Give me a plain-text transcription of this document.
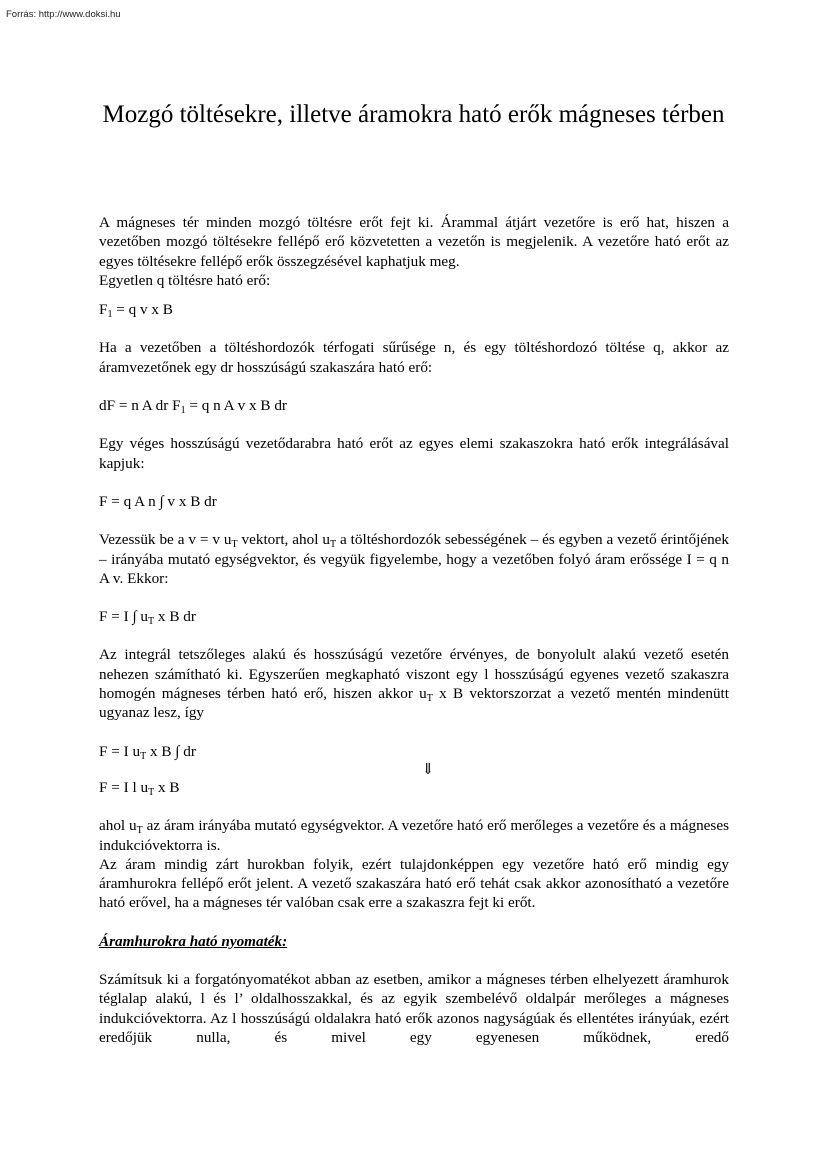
Forrás: http://www.doksi.hu
Mozgó töltésekre, illetve áramokra ható erők mágneses térben

A mágneses tér minden mozgó töltésre erőt fejt ki. Árammal átjárt vezetőre is erő hat, hiszen a vezetőben mozgó töltésekre fellépő erő közvetetten a vezetőn is megjelenik. A vezetőre ható erőt az egyes töltésekre fellépő erők összegzésével kaphatjuk meg.

Egyetlen q töltésre ható erő:

$F_1 = q$ v x B

Ha a vezetőben a töltéshordozók térfogati sűrűsége n, és egy töltéshordozó töltése q, akkor az áramvezetőnek egy dr hosszúságú szakaszára ható erő:

dF = n A dr $F_1 = q$ n A v x B dr

Egy véges hosszúságú vezetődarabra ható erőt az egyes elemi szakaszokra ható erők integrálásával kapjuk:

F = q A n ∫ v x B dr

Vezessük be a v = v $u_T$ vektort, ahol $u_T$ a töltéshordozók sebességének – és egyben a vezető érintőjének – irányába mutató egységvektor, és vegyük figyelembe, hogy a vezetőben folyó áram erőssége I = q n A v. Ekkor:

F = I ∫ $u_T$ x B dr

Az integrál tetszőleges alakú és hosszúságú vezetőre érvényes, de bonyolult alakú vezető esetén nehezen számítható ki. Egyszerűen megkapható viszont egy l hosszúságú egyenes vezető szakaszra homogén mágneses térben ható erő, hiszen akkor $u_T$ x B vektorszorzat a vezető mentén mindenütt ugyanaz lesz, így

F = I $u_T$ x B ∫ dr

⇓

F = I l $u_T$ x B

ahol $u_T$ az áram irányába mutató egységvektor. A vezetőre ható erő merőleges a vezetőre és a mágneses indukcióvektorra is.

Az áram mindig zárt hurokban folyik, ezért tulajdonképpen egy vezetőre ható erő mindig egy áramhurokra fellépő erőt jelent. A vezető szakaszára ható erő tehát csak akkor azonosítható a vezetőre ható erővel, ha a mágneses tér valóban csak erre a szakaszra fejt ki erőt.

Áramhurokra ható nyomaték:

Számítsuk ki a forgatónyomatékot abban az esetben, amikor a mágneses térben elhelyezett áramhurok téglalap alakú, l és l’ oldalhosszakkal, és az egyik szembelévő oldalpár merőleges a mágneses indukcióvektorra. Az l hosszúságú oldalakra ható erők azonos nagyságúak és ellentétes irányúak, ezért eredőjük nulla, és mivel egy egyenesen működnek, eredő
